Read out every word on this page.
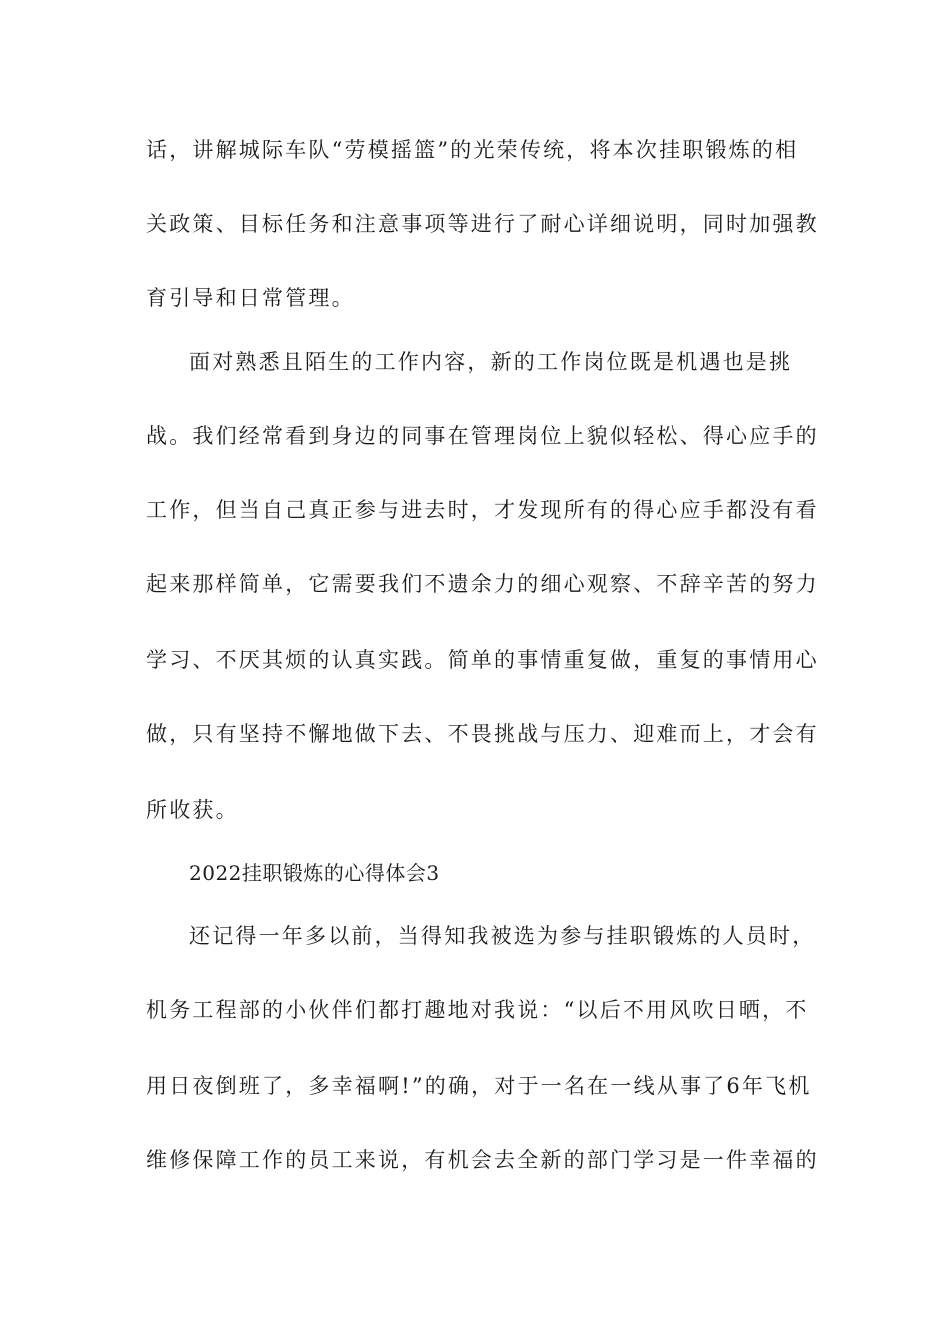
话，讲解城际车队“劳模摇篮”的光荣传统，将本次挂职锻炼的相
关政策、目标任务和注意事项等进行了耐心详细说明，同时加强教
育引导和日常管理。
面对熟悉且陌生的工作内容，新的工作岗位既是机遇也是挑
战。我们经常看到身边的同事在管理岗位上貌似轻松、得心应手的
工作，但当自己真正参与进去时，才发现所有的得心应手都没有看
起来那样简单，它需要我们不遗余力的细心观察、不辞辛苦的努力
学习、不厌其烦的认真实践。简单的事情重复做，重复的事情用心
做，只有坚持不懈地做下去、不畏挑战与压力、迎难而上，才会有
所收获。
2022挂职锻炼的心得体会3
还记得一年多以前，当得知我被选为参与挂职锻炼的人员时，
机务工程部的小伙伴们都打趣地对我说：“以后不用风吹日晒，不
用日夜倒班了，多幸福啊!”的确，对于一名在一线从事了6年飞机
维修保障工作的员工来说，有机会去全新的部门学习是一件幸福的
